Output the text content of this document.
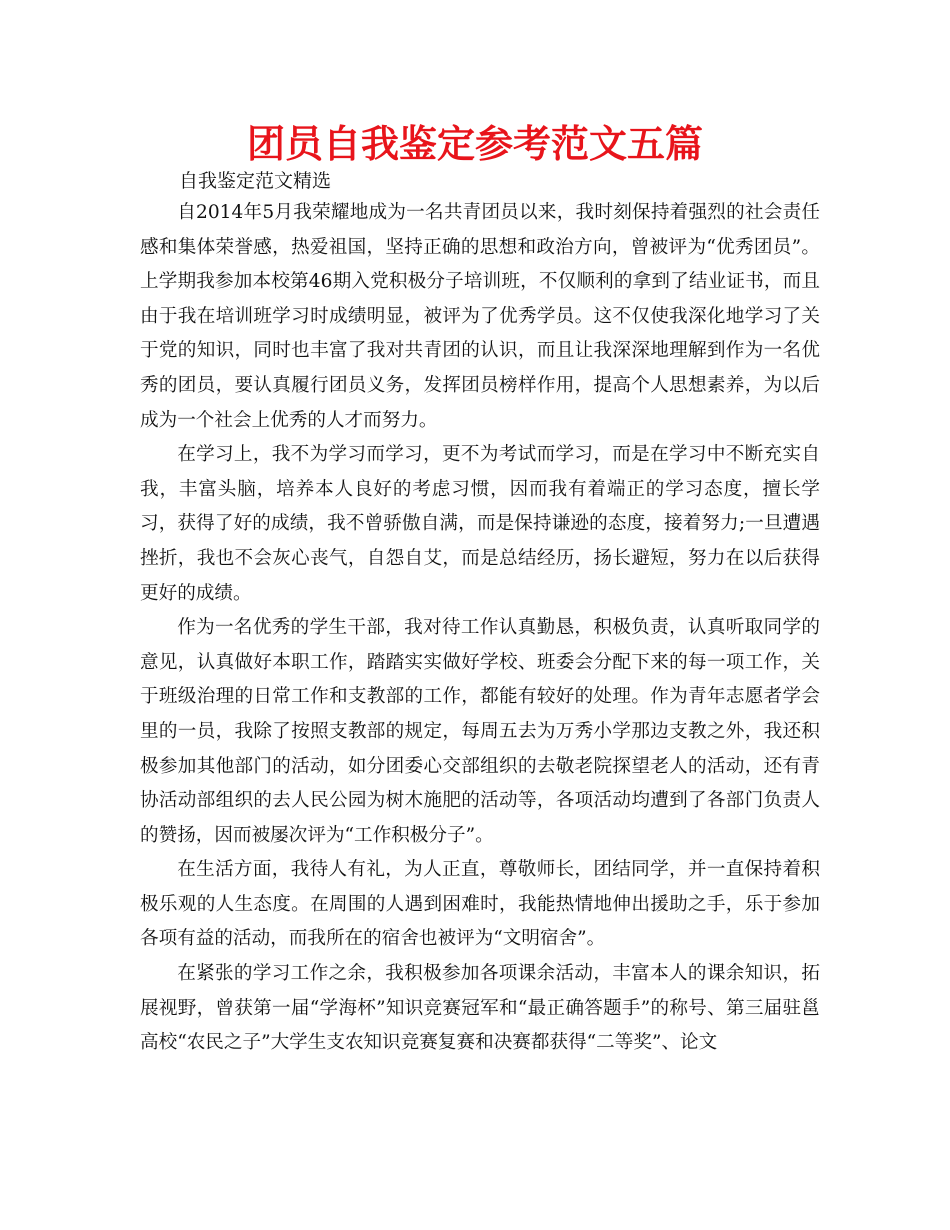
团员自我鉴定参考范文五篇

自我鉴定范文精选

自2014年5月我荣耀地成为一名共青团员以来，我时刻保持着强烈的社会责任感和集体荣誉感，热爱祖国，坚持正确的思想和政治方向，曾被评为“优秀团员”。上学期我参加本校第46期入党积极分子培训班，不仅顺利的拿到了结业证书，而且由于我在培训班学习时成绩明显，被评为了优秀学员。这不仅使我深化地学习了关于党的知识，同时也丰富了我对共青团的认识，而且让我深深地理解到作为一名优秀的团员，要认真履行团员义务，发挥团员榜样作用，提高个人思想素养，为以后成为一个社会上优秀的人才而努力。

在学习上，我不为学习而学习，更不为考试而学习，而是在学习中不断充实自我，丰富头脑，培养本人良好的考虑习惯，因而我有着端正的学习态度，擅长学习，获得了好的成绩，我不曾骄傲自满，而是保持谦逊的态度，接着努力;一旦遭遇挫折，我也不会灰心丧气，自怨自艾，而是总结经历，扬长避短，努力在以后获得更好的成绩。

作为一名优秀的学生干部，我对待工作认真勤恳，积极负责，认真听取同学的意见，认真做好本职工作，踏踏实实做好学校、班委会分配下来的每一项工作，关于班级治理的日常工作和支教部的工作，都能有较好的处理。作为青年志愿者学会里的一员，我除了按照支教部的规定，每周五去为万秀小学那边支教之外，我还积极参加其他部门的活动，如分团委心交部组织的去敬老院探望老人的活动，还有青协活动部组织的去人民公园为树木施肥的活动等，各项活动均遭到了各部门负责人的赞扬，因而被屡次评为“工作积极分子”。

在生活方面，我待人有礼，为人正直，尊敬师长，团结同学，并一直保持着积极乐观的人生态度。在周围的人遇到困难时，我能热情地伸出援助之手，乐于参加各项有益的活动，而我所在的宿舍也被评为“文明宿舍”。

在紧张的学习工作之余，我积极参加各项课余活动，丰富本人的课余知识，拓展视野，曾获第一届“学海杯”知识竞赛冠军和“最正确答题手”的称号、第三届驻邕高校“农民之子”大学生支农知识竞赛复赛和决赛都获得“二等奖”、论文
